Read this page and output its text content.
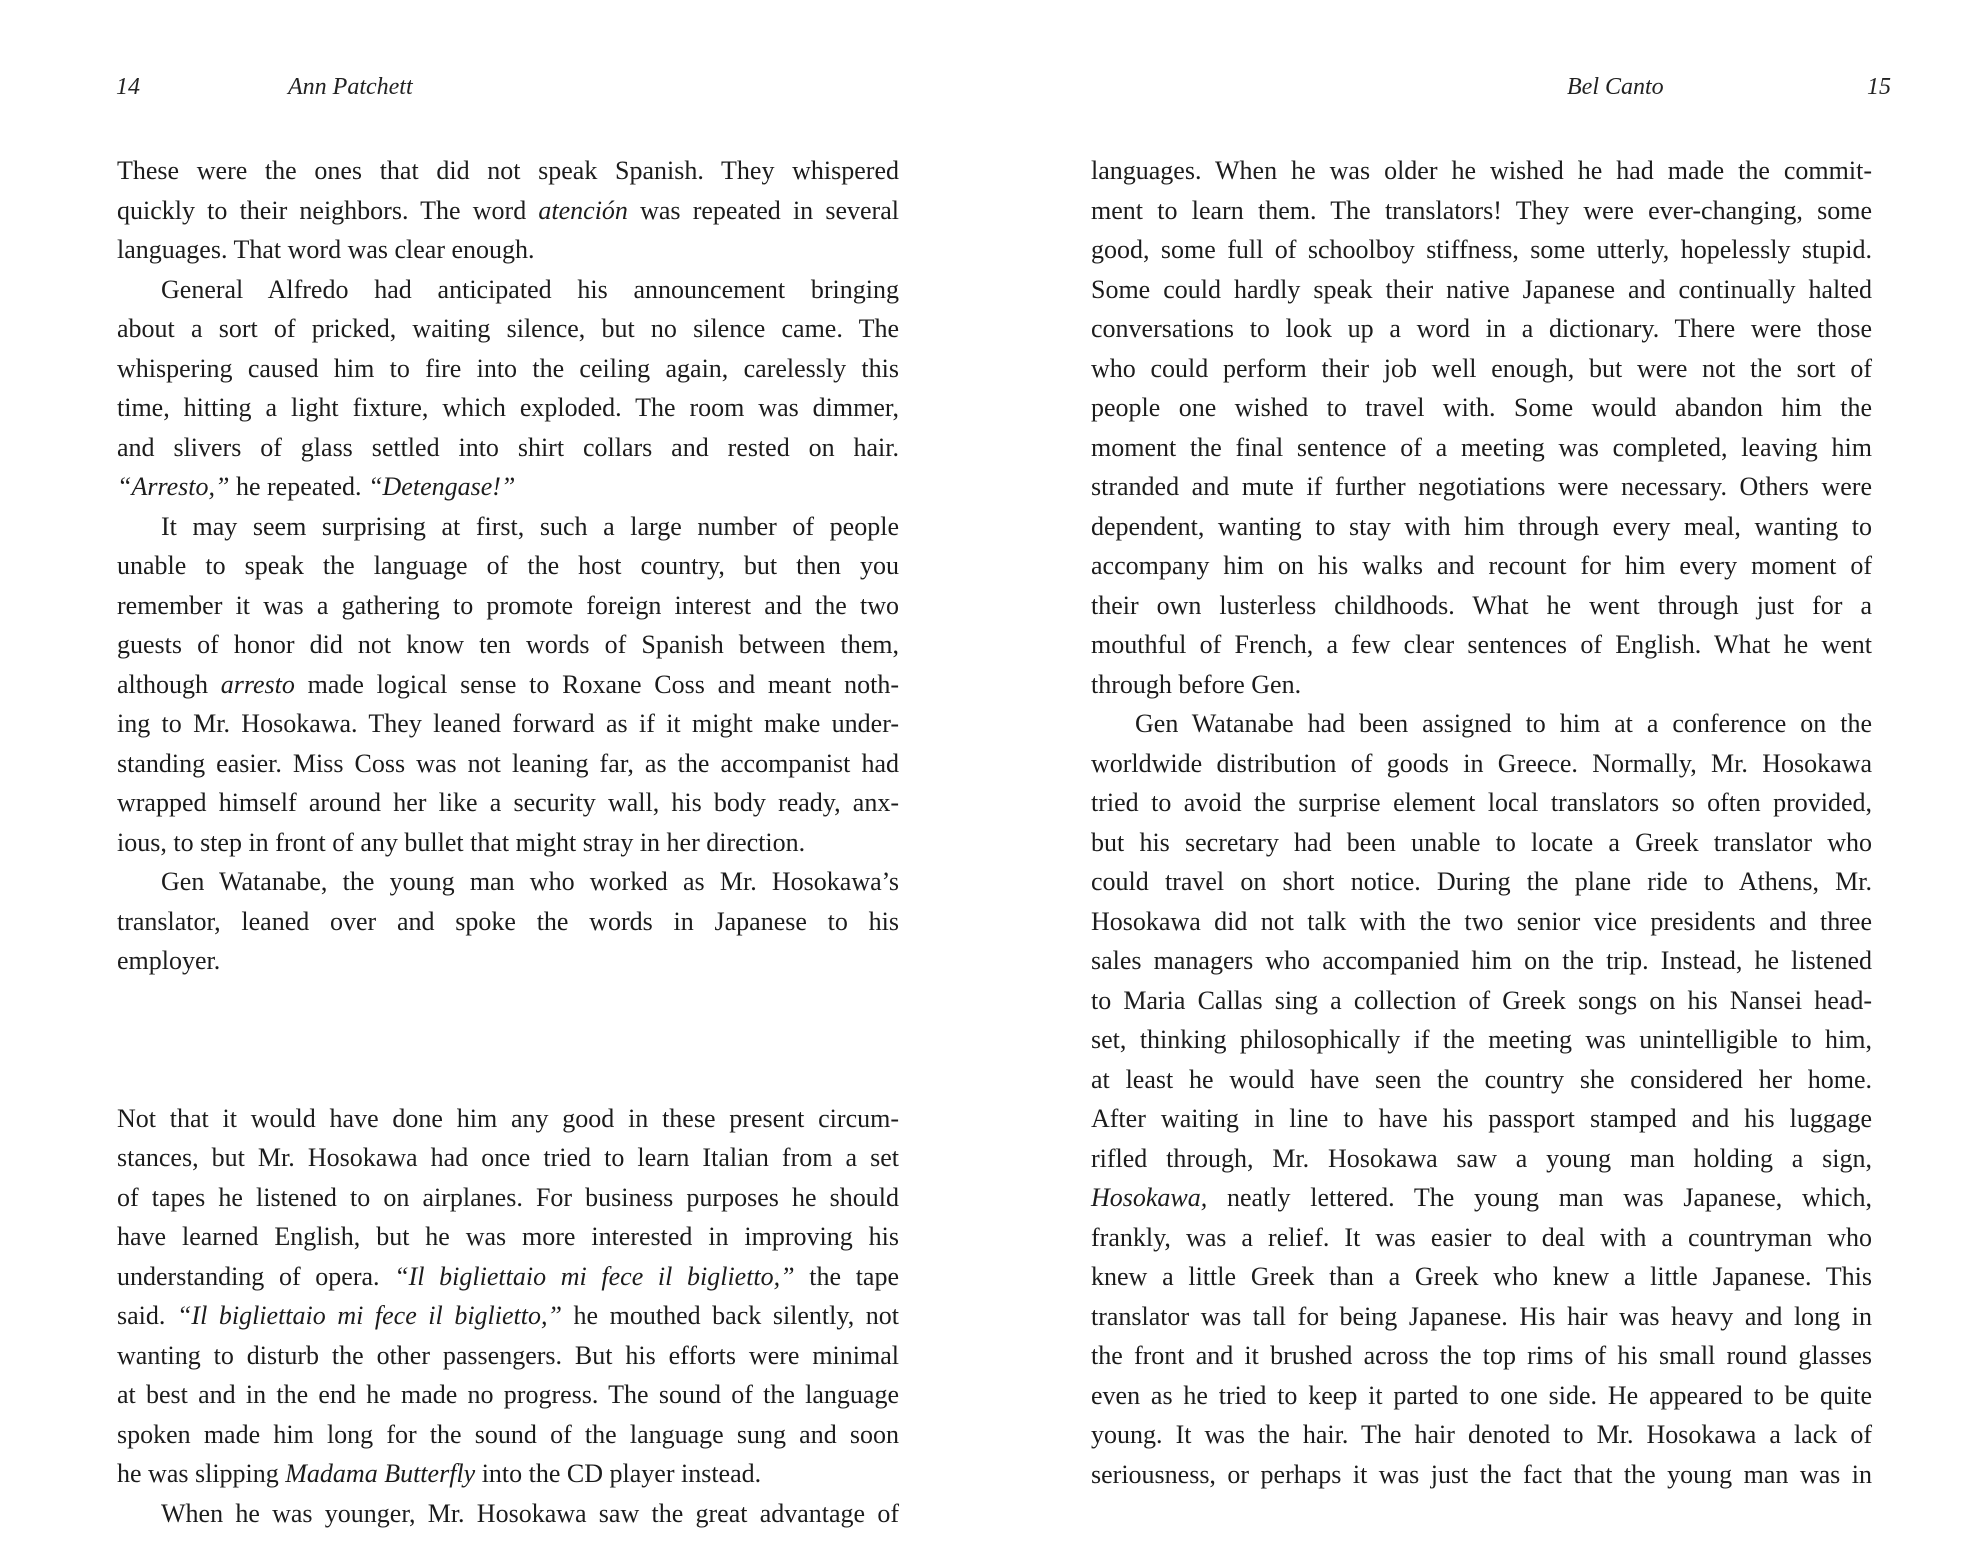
14	Ann Patchett
These were the ones that did not speak Spanish. They whispered
quickly to their neighbors. The word atención was repeated in several
languages. That word was clear enough.
General Alfredo had anticipated his announcement bringing
about a sort of pricked, waiting silence, but no silence came. The
whispering caused him to fire into the ceiling again, carelessly this
time, hitting a light fixture, which exploded. The room was dimmer,
and slivers of glass settled into shirt collars and rested on hair.
“Arresto,” he repeated. “Detengase!”
It may seem surprising at first, such a large number of people
unable to speak the language of the host country, but then you
remember it was a gathering to promote foreign interest and the two
guests of honor did not know ten words of Spanish between them,
although arresto made logical sense to Roxane Coss and meant noth-
ing to Mr. Hosokawa. They leaned forward as if it might make under-
standing easier. Miss Coss was not leaning far, as the accompanist had
wrapped himself around her like a security wall, his body ready, anx-
ious, to step in front of any bullet that might stray in her direction.
Gen Watanabe, the young man who worked as Mr. Hosokawa’s
translator, leaned over and spoke the words in Japanese to his
employer.
Not that it would have done him any good in these present circum-
stances, but Mr. Hosokawa had once tried to learn Italian from a set
of tapes he listened to on airplanes. For business purposes he should
have learned English, but he was more interested in improving his
understanding of opera. “Il bigliettaio mi fece il biglietto,” the tape
said. “Il bigliettaio mi fece il biglietto,” he mouthed back silently, not
wanting to disturb the other passengers. But his efforts were minimal
at best and in the end he made no progress. The sound of the language
spoken made him long for the sound of the language sung and soon
he was slipping Madama Butterfly into the CD player instead.
When he was younger, Mr. Hosokawa saw the great advantage of
Bel Canto	15
languages. When he was older he wished he had made the commit-
ment to learn them. The translators! They were ever-changing, some
good, some full of schoolboy stiffness, some utterly, hopelessly stupid.
Some could hardly speak their native Japanese and continually halted
conversations to look up a word in a dictionary. There were those
who could perform their job well enough, but were not the sort of
people one wished to travel with. Some would abandon him the
moment the final sentence of a meeting was completed, leaving him
stranded and mute if further negotiations were necessary. Others were
dependent, wanting to stay with him through every meal, wanting to
accompany him on his walks and recount for him every moment of
their own lusterless childhoods. What he went through just for a
mouthful of French, a few clear sentences of English. What he went
through before Gen.
Gen Watanabe had been assigned to him at a conference on the
worldwide distribution of goods in Greece. Normally, Mr. Hosokawa
tried to avoid the surprise element local translators so often provided,
but his secretary had been unable to locate a Greek translator who
could travel on short notice. During the plane ride to Athens, Mr.
Hosokawa did not talk with the two senior vice presidents and three
sales managers who accompanied him on the trip. Instead, he listened
to Maria Callas sing a collection of Greek songs on his Nansei head-
set, thinking philosophically if the meeting was unintelligible to him,
at least he would have seen the country she considered her home.
After waiting in line to have his passport stamped and his luggage
rifled through, Mr. Hosokawa saw a young man holding a sign,
Hosokawa, neatly lettered. The young man was Japanese, which,
frankly, was a relief. It was easier to deal with a countryman who
knew a little Greek than a Greek who knew a little Japanese. This
translator was tall for being Japanese. His hair was heavy and long in
the front and it brushed across the top rims of his small round glasses
even as he tried to keep it parted to one side. He appeared to be quite
young. It was the hair. The hair denoted to Mr. Hosokawa a lack of
seriousness, or perhaps it was just the fact that the young man was in
